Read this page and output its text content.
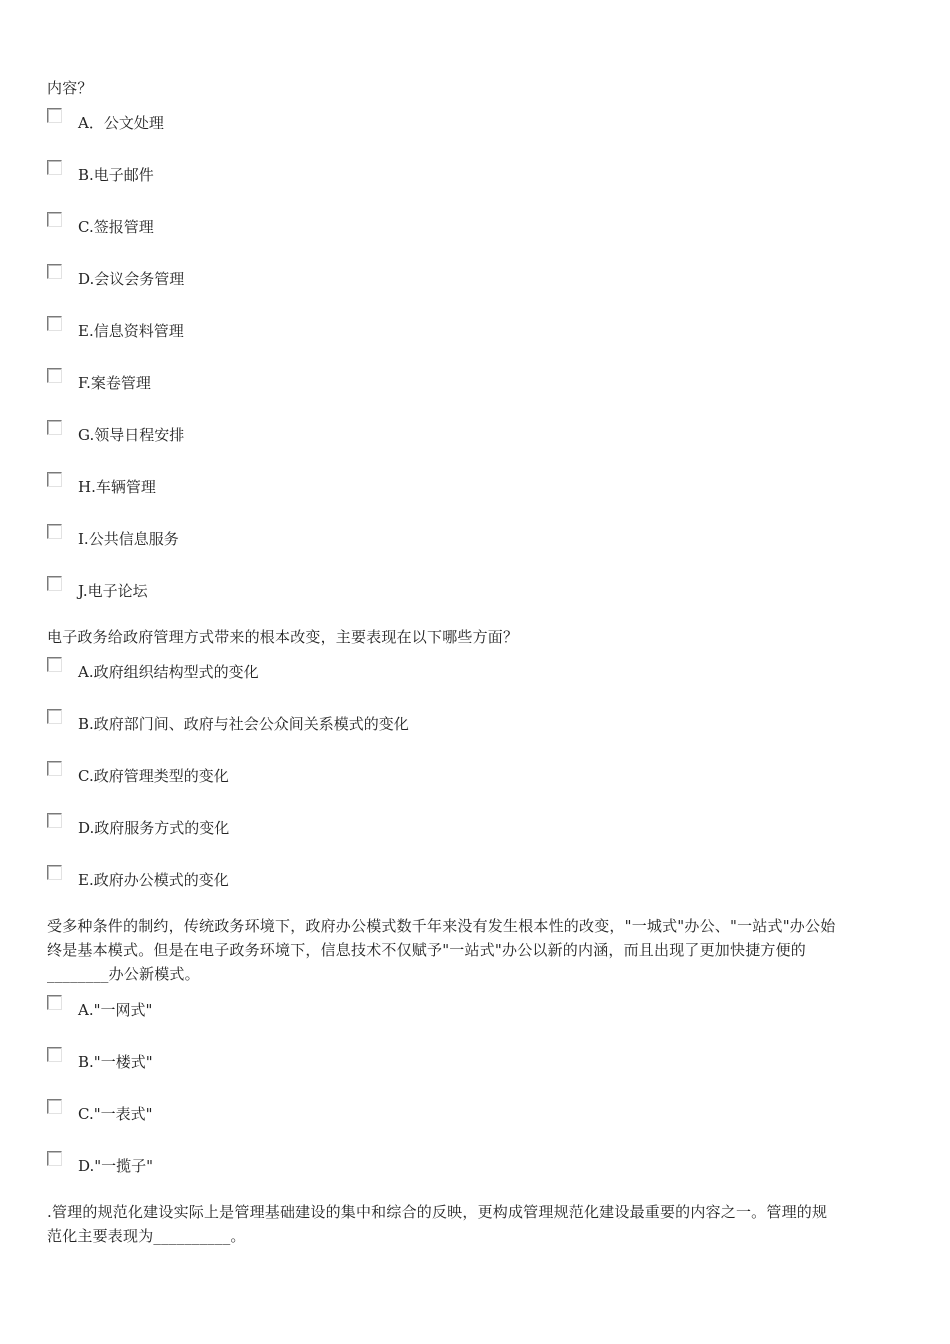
内容？

A．公文处理
B.电子邮件
C.签报管理
D.会议会务管理
E.信息资料管理
F.案卷管理
G.领导日程安排
H.车辆管理
I.公共信息服务
J.电子论坛

电子政务给政府管理方式带来的根本改变，主要表现在以下哪些方面？

A.政府组织结构型式的变化
B.政府部门间、政府与社会公众间关系模式的变化
C.政府管理类型的变化
D.政府服务方式的变化
E.政府办公模式的变化

受多种条件的制约，传统政务环境下，政府办公模式数千年来没有发生根本性的改变，"一城式"办公、"一站式"办公始终是基本模式。但是在电子政务环境下，信息技术不仅赋予"一站式"办公以新的内涵，而且出现了更加快捷方便的________办公新模式。

A."一网式"
B."一楼式"
C."一表式"
D."一揽子"

.管理的规范化建设实际上是管理基础建设的集中和综合的反映，更构成管理规范化建设最重要的内容之一。管理的规范化主要表现为__________。
